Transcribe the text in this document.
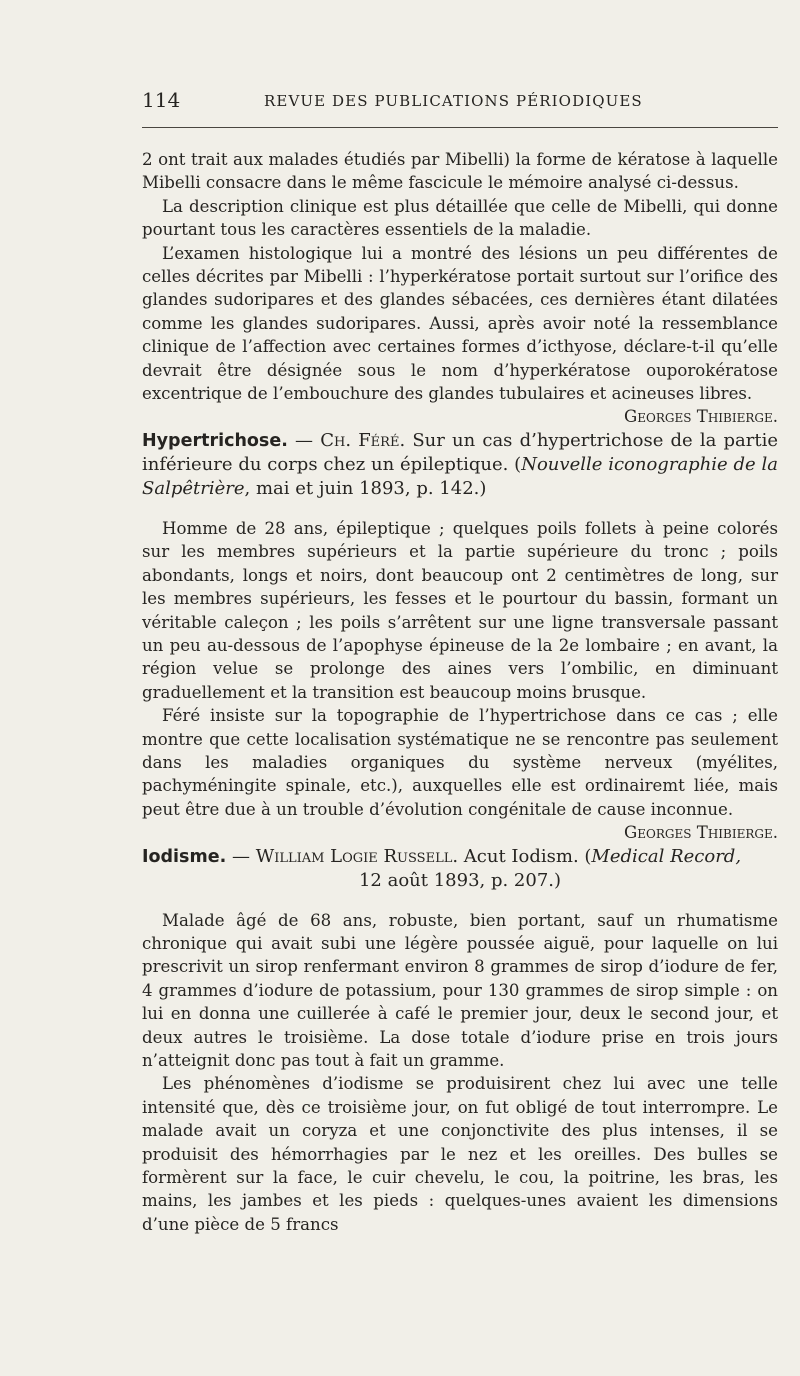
114	REVUE DES PUBLICATIONS PÉRIODIQUES

2 ont trait aux malades étudiés par Mibelli) la forme de kératose à laquelle Mibelli consacre dans le même fascicule le mémoire analysé ci-dessus.

La description clinique est plus détaillée que celle de Mibelli, qui donne pourtant tous les caractères essentiels de la maladie.

L’examen histologique lui a montré des lésions un peu différentes de celles décrites par Mibelli : l’hyperkératose portait surtout sur l’orifice des glandes sudoripares et des glandes sébacées, ces dernières étant dilatées comme les glandes sudoripares. Aussi, après avoir noté la ressemblance clinique de l’affection avec certaines formes d’icthyose, déclare-t-il qu’elle devrait être désignée sous le nom d’hyperkératose ouporokératose excentrique de l’embouchure des glandes tubulaires et acineuses libres.

Georges Thibierge.

Hypertrichose. — Ch. Féré. Sur un cas d’hypertrichose de la partie inférieure du corps chez un épileptique. (Nouvelle iconographie de la Salpêtrière, mai et juin 1893, p. 142.)

Homme de 28 ans, épileptique ; quelques poils follets à peine colorés sur les membres supérieurs et la partie supérieure du tronc ; poils abondants, longs et noirs, dont beaucoup ont 2 centimètres de long, sur les membres supérieurs, les fesses et le pourtour du bassin, formant un véritable caleçon ; les poils s’arrêtent sur une ligne transversale passant un peu au-dessous de l’apophyse épineuse de la 2e lombaire ; en avant, la région velue se prolonge des aines vers l’ombilic, en diminuant graduellement et la transition est beaucoup moins brusque.

Féré insiste sur la topographie de l’hypertrichose dans ce cas ; elle montre que cette localisation systématique ne se rencontre pas seulement dans les maladies organiques du système nerveux (myélites, pachyméningite spinale, etc.), auxquelles elle est ordinairemt liée, mais peut être due à un trouble d’évolution congénitale de cause inconnue.

Georges Thibierge.

Iodisme. — William Logie Russell. Acut Iodism. (Medical Record,

12 août 1893, p. 207.)

Malade âgé de 68 ans, robuste, bien portant, sauf un rhumatisme chronique qui avait subi une légère poussée aiguë, pour laquelle on lui prescrivit un sirop renfermant environ 8 grammes de sirop d’iodure de fer, 4 grammes d’iodure de potassium, pour 130 grammes de sirop simple : on lui en donna une cuillerée à café le premier jour, deux le second jour, et deux autres le troisième. La dose totale d’iodure prise en trois jours n’atteignit donc pas tout à fait un gramme.

Les phénomènes d’iodisme se produisirent chez lui avec une telle intensité que, dès ce troisième jour, on fut obligé de tout interrompre. Le malade avait un coryza et une conjonctivite des plus intenses, il se produisit des hémorrhagies par le nez et les oreilles. Des bulles se formèrent sur la face, le cuir chevelu, le cou, la poitrine, les bras, les mains, les jambes et les pieds : quelques-unes avaient les dimensions d’une pièce de 5 francs
